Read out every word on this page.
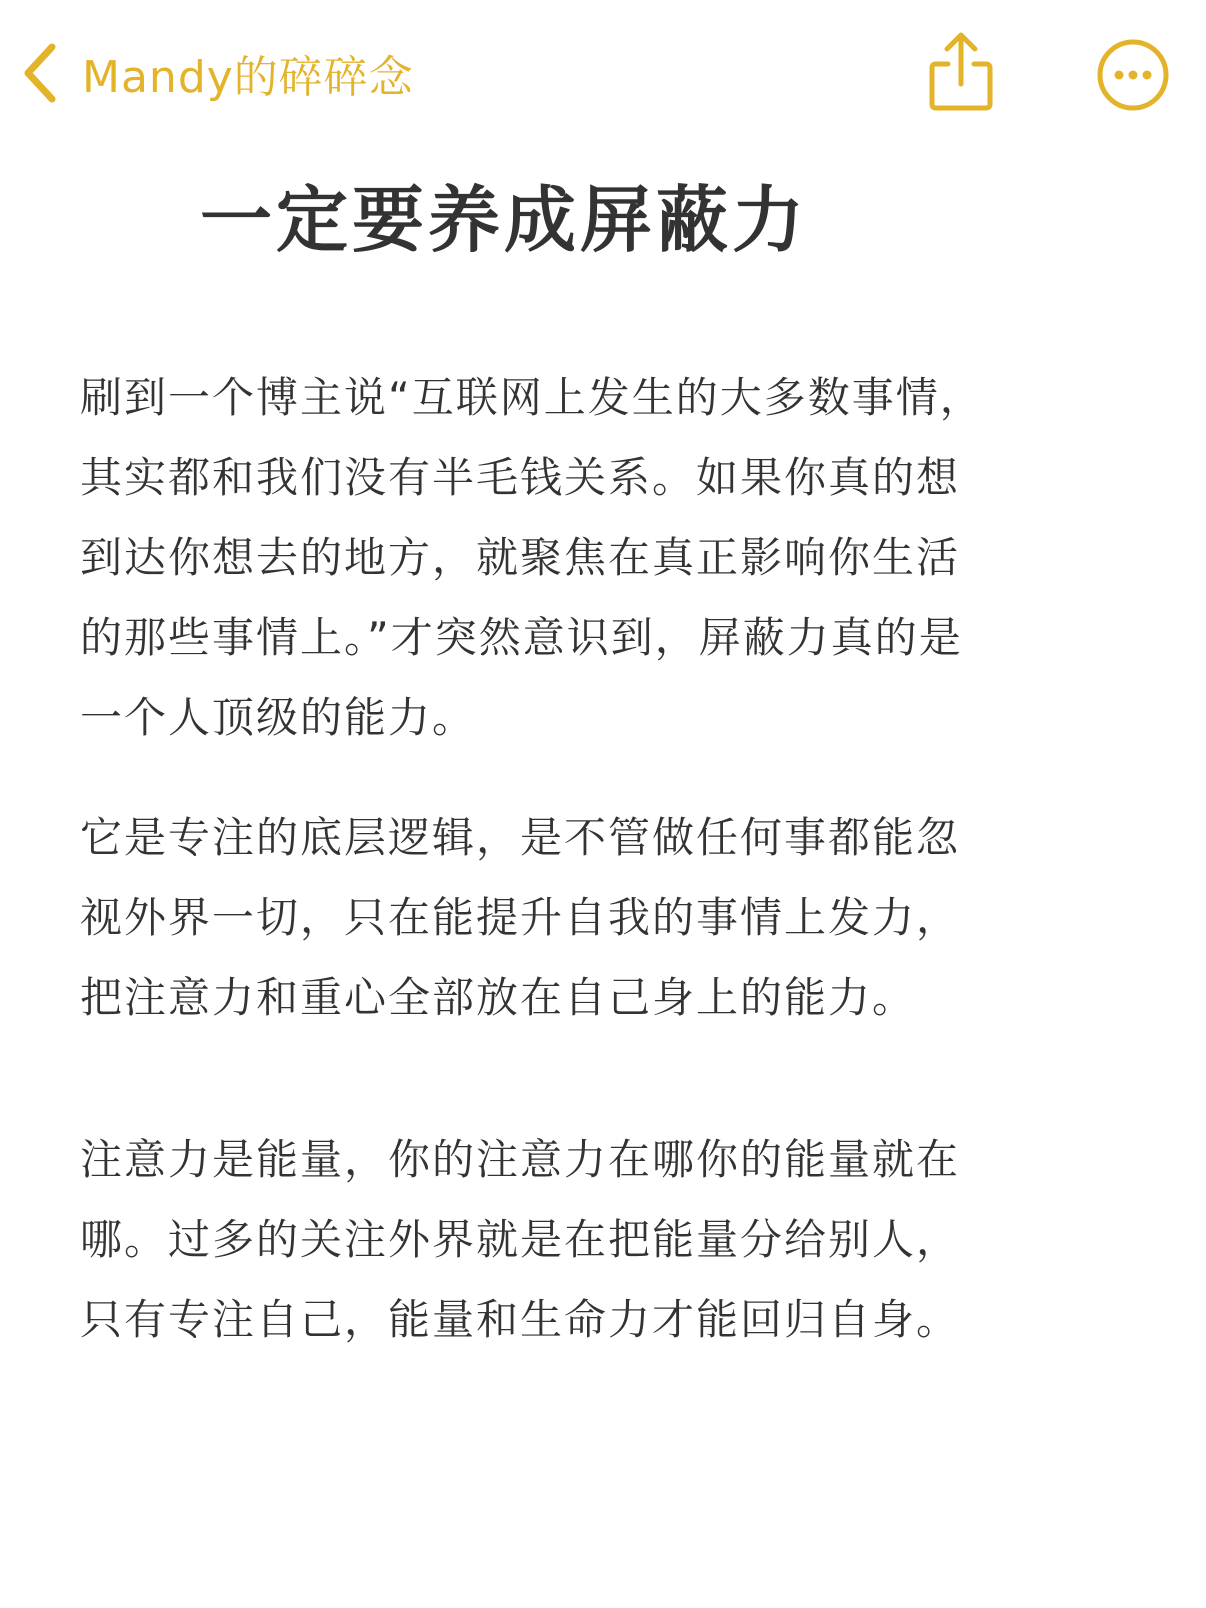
Mandy的碎碎念
一定要养成屏蔽力
刷到一个博主说“互联网上发生的大多数事情，
其实都和我们没有半毛钱关系。如果你真的想
到达你想去的地方，就聚焦在真正影响你生活
的那些事情上。”才突然意识到，屏蔽力真的是
一个人顶级的能力。
它是专注的底层逻辑，是不管做任何事都能忽
视外界一切，只在能提升自我的事情上发力，
把注意力和重心全部放在自己身上的能力。
注意力是能量，你的注意力在哪你的能量就在
哪。过多的关注外界就是在把能量分给别人，
只有专注自己，能量和生命力才能回归自身。
